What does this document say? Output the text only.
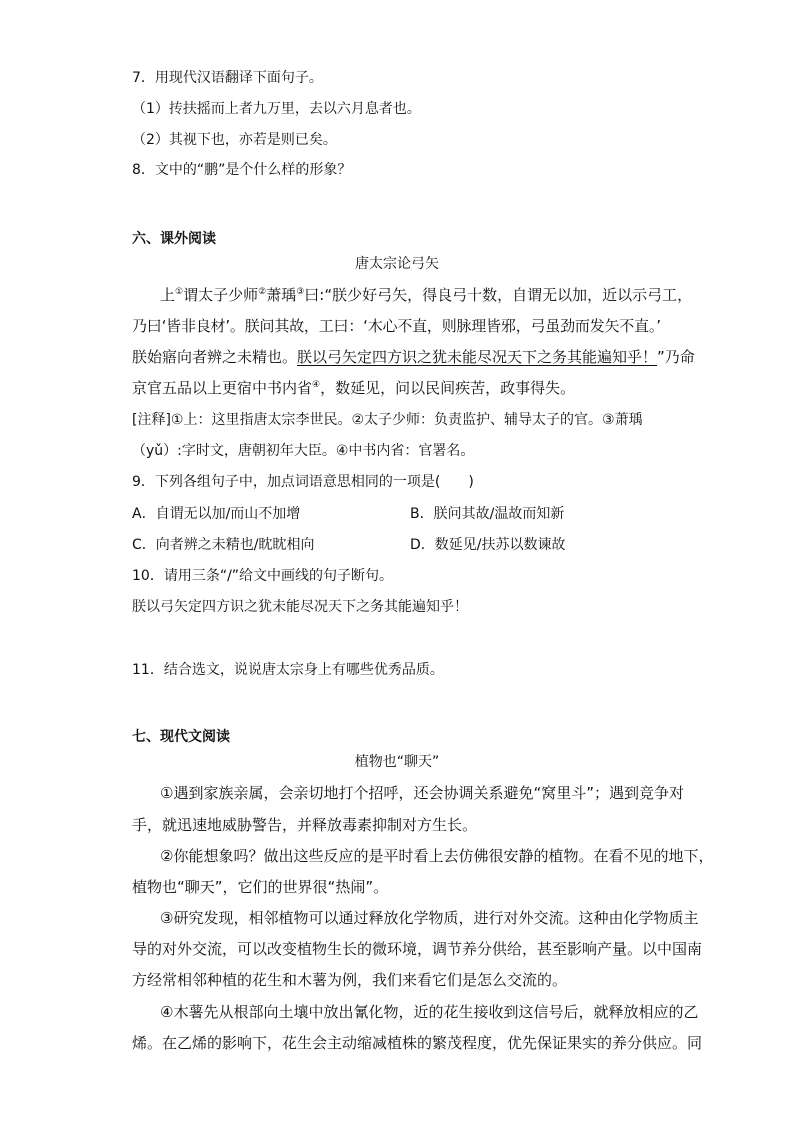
7．用现代汉语翻译下面句子。
（1）抟扶摇而上者九万里，去以六月息者也。
（2）其视下也，亦若是则已矣。
8．文中的“鹏”是个什么样的形象？
六、课外阅读
唐太宗论弓矢
上①谓太子少师②萧瑀③曰:“朕少好弓矢，得良弓十数，自谓无以加，近以示弓工，
乃曰‘皆非良材’。朕问其故，工曰：‘木心不直，则脉理皆邪，弓虽劲而发矢不直。’
朕始寤向者辨之未精也。朕以弓矢定四方识之犹未能尽况天下之务其能遍知乎！”乃命
京官五品以上更宿中书内省④，数延见，问以民间疾苦，政事得失。
[注释]①上：这里指唐太宗李世民。②太子少师：负责监护、辅导太子的官。③萧瑀
（yǔ）:字时文，唐朝初年大臣。④中书内省：官署名。
9．下列各组句子中，加点词语意思相同的一项是(　　)
A．自谓无以加/而山不加增	B．朕问其故/温故而知新
C．向者辨之未精也/眈眈相向	D．数延见/扶苏以数谏故
10．请用三条“/”给文中画线的句子断句。
朕以弓矢定四方识之犹未能尽况天下之务其能遍知乎！
11．结合选文，说说唐太宗身上有哪些优秀品质。
七、现代文阅读
植物也“聊天”
①遇到家族亲属，会亲切地打个招呼，还会协调关系避免“窝里斗”；遇到竞争对
手，就迅速地威胁警告，并释放毒素抑制对方生长。
②你能想象吗？做出这些反应的是平时看上去仿佛很安静的植物。在看不见的地下，
植物也“聊天”，它们的世界很“热闹”。
③研究发现，相邻植物可以通过释放化学物质，进行对外交流。这种由化学物质主
导的对外交流，可以改变植物生长的微环境，调节养分供给，甚至影响产量。以中国南
方经常相邻种植的花生和木薯为例，我们来看它们是怎么交流的。
④木薯先从根部向土壤中放出氰化物，近的花生接收到这信号后，就释放相应的乙
烯。在乙烯的影响下，花生会主动缩减植株的繁茂程度，优先保证果实的养分供应。同
